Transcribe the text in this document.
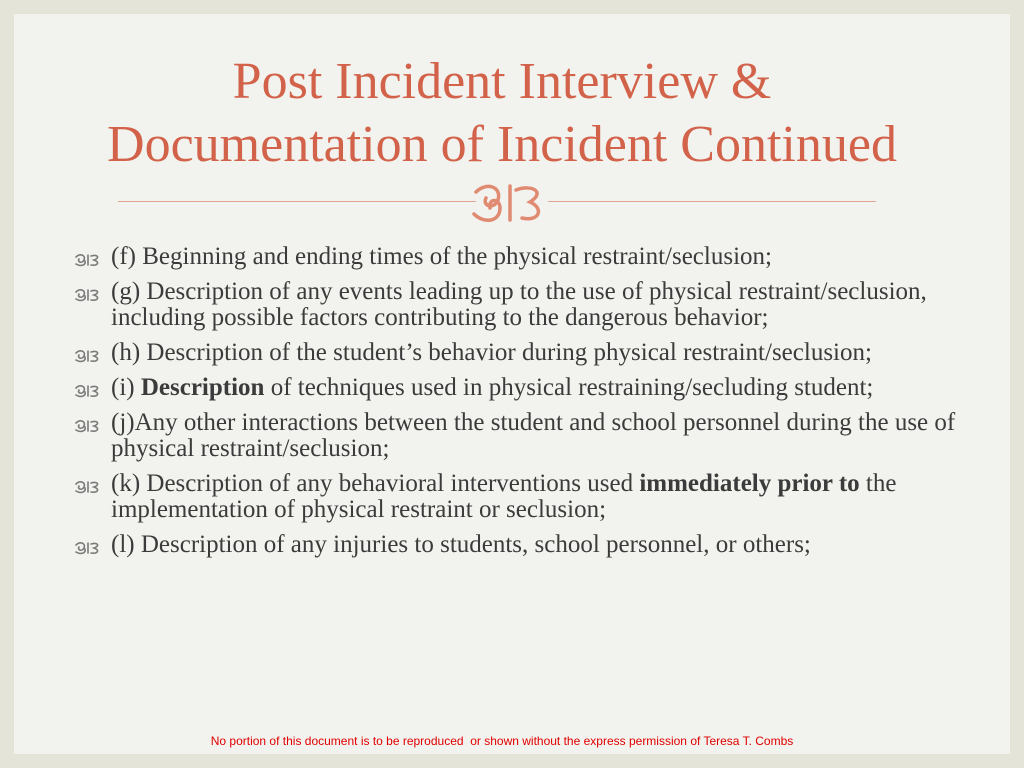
Post Incident Interview &
Documentation of Incident Continued
(f) Beginning and ending times of the physical restraint/seclusion;
(g) Description of any events leading up to the use of physical restraint/seclusion, including possible factors contributing to the dangerous behavior;
(h) Description of the student’s behavior during physical restraint/seclusion;
(i) Description of techniques used in physical restraining/secluding student;
(j)Any other interactions between the student and school personnel during the use of physical restraint/seclusion;
(k) Description of any behavioral interventions used immediately prior to the implementation of physical restraint or seclusion;
(l) Description of any injuries to students, school personnel, or others;
No portion of this document is to be reproduced  or shown without the express permission of Teresa T. Combs
